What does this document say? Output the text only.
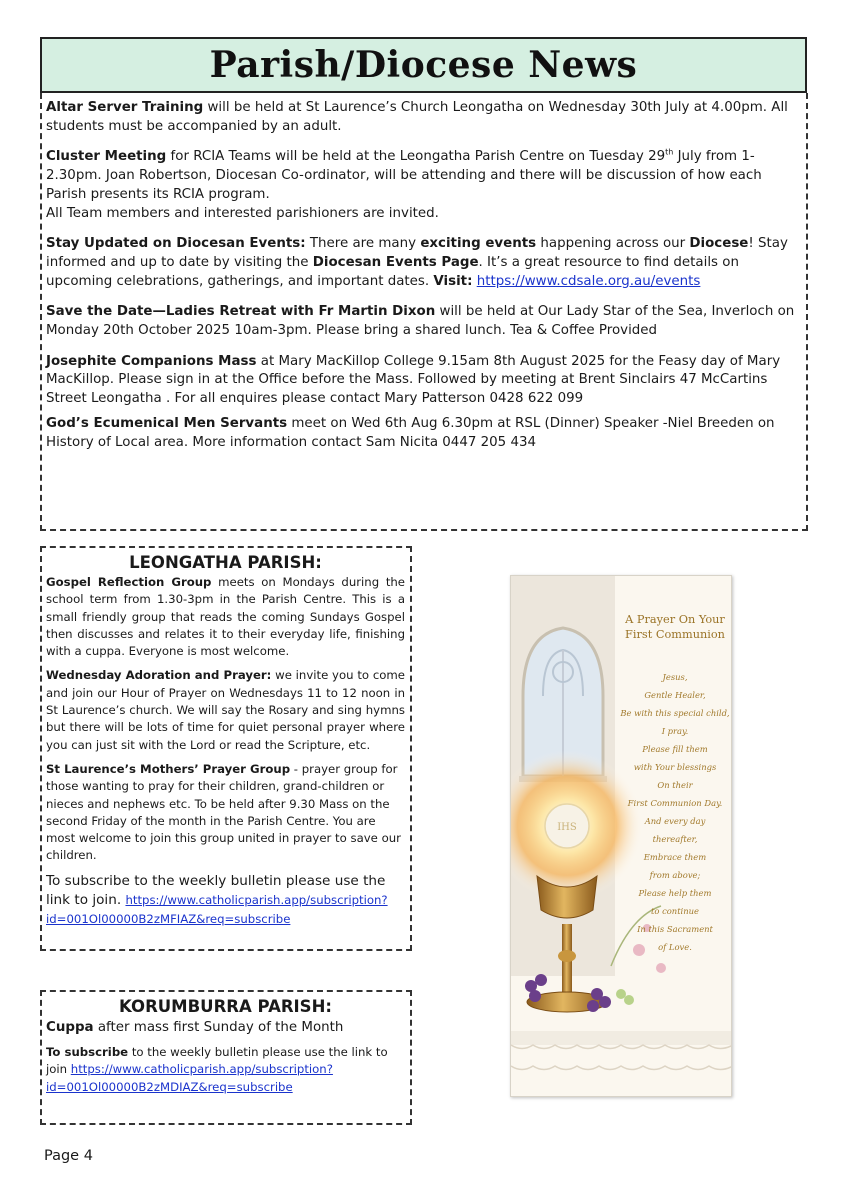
Parish/Diocese News

Altar Server Training will be held at St Laurence’s Church Leongatha on Wednesday 30th July at 4.00pm. All students must be accompanied by an adult.

Cluster Meeting for RCIA Teams will be held at the Leongatha Parish Centre on Tuesday 29th July from 1-2.30pm. Joan Robertson, Diocesan Co-ordinator, will be attending and there will be discussion of how each Parish presents its RCIA program.
All Team members and interested parishioners are invited.

Stay Updated on Diocesan Events: There are many exciting events happening across our Diocese! Stay informed and up to date by visiting the Diocesan Events Page. It’s a great resource to find details on upcoming celebrations, gatherings, and important dates. Visit: https://www.cdsale.org.au/events

Save the Date—Ladies Retreat with Fr Martin Dixon will be held at Our Lady Star of the Sea, Inverloch on Monday 20th October 2025 10am-3pm. Please bring a shared lunch. Tea & Coffee Provided

Josephite Companions Mass at Mary MacKillop College 9.15am 8th August 2025 for the Feasy day of Mary MacKillop. Please sign in at the Office before the Mass. Followed by meeting at Brent Sinclairs 47 McCartins Street Leongatha . For all enquires please contact Mary Patterson 0428 622 099

God’s Ecumenical Men Servants meet on Wed 6th Aug 6.30pm at RSL (Dinner) Speaker -Niel Breeden on History of Local area. More information contact Sam Nicita 0447 205 434

LEONGATHA PARISH:

Gospel Reflection Group meets on Mondays during the school term from 1.30-3pm in the Parish Centre. This is a small friendly group that reads the coming Sundays Gospel then discusses and relates it to their everyday life, finishing with a cuppa. Everyone is most welcome.

Wednesday Adoration and Prayer: we invite you to come and join our Hour of Prayer on Wednesdays 11 to 12 noon in St Laurence’s church. We will say the Rosary and sing hymns but there will be lots of time for quiet personal prayer where you can just sit with the Lord or read the Scripture, etc.

St Laurence’s Mothers’ Prayer Group - prayer group for those wanting to pray for their children, grand-children or nieces and nephews etc. To be held after 9.30 Mass on the second Friday of the month in the Parish Centre. You are most welcome to join this group united in prayer to save our children.

To subscribe to the weekly bulletin please use the link to join. https://www.catholicparish.app/subscription?id=001Ol00000B2zMFIAZ&req=subscribe

KORUMBURRA PARISH:

Cuppa after mass first Sunday of the Month

To subscribe to the weekly bulletin please use the link to join https://www.catholicparish.app/subscription?id=001Ol00000B2zMDIAZ&req=subscribe

IHS
A Prayer On Your First Communion
Jesus,
Gentle Healer,
Be with this special child,
I pray.
Please fill them
with Your blessings
On their
First Communion Day.
And every day
thereafter,
Embrace them
from above;
Please help them
to continue
In this Sacrament
of Love.
Page 4
